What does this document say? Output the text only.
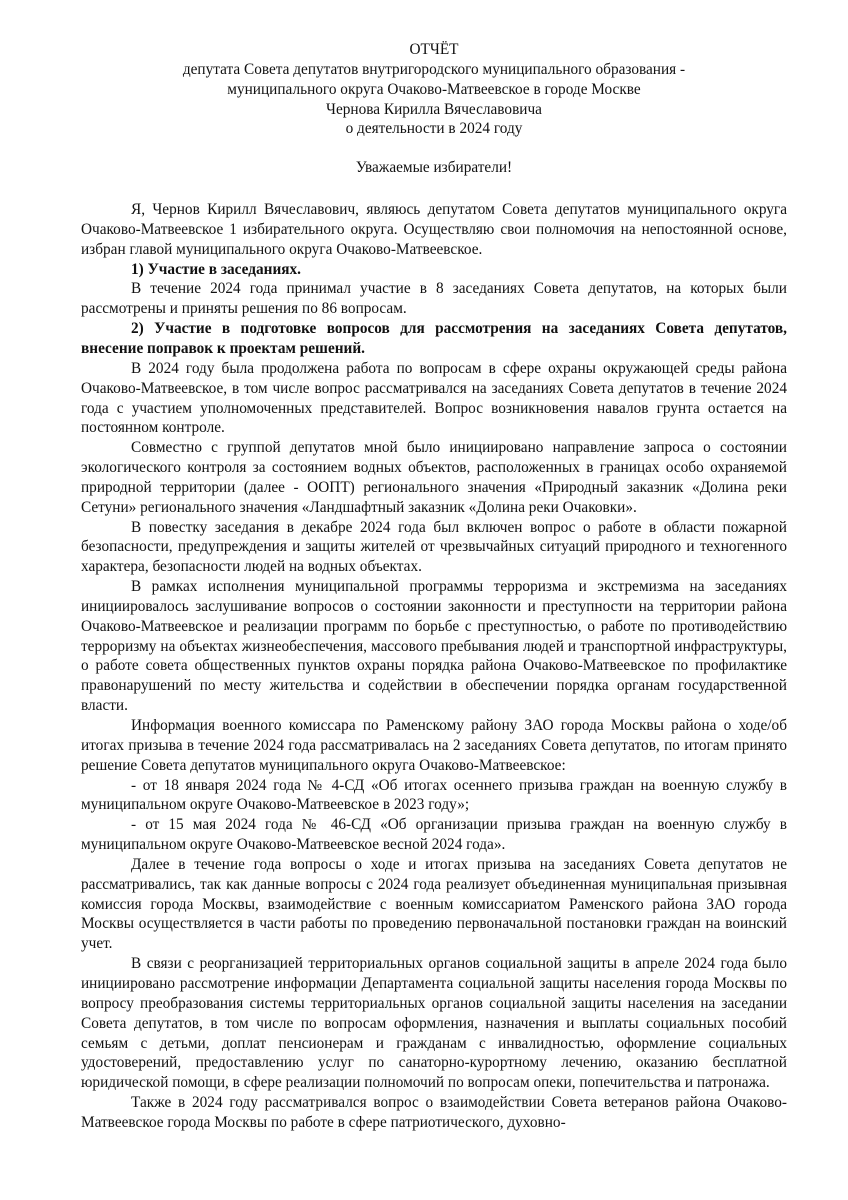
ОТЧЁТ
депутата Совета депутатов внутригородского муниципального образования -
муниципального округа Очаково-Матвеевское в городе Москве
Чернова Кирилла Вячеславовича
о деятельности в 2024 году
Уважаемые избиратели!

Я, Чернов Кирилл Вячеславович, являюсь депутатом Совета депутатов муниципального округа Очаково-Матвеевское 1 избирательного округа. Осуществляю свои полномочия на непостоянной основе, избран главой муниципального округа Очаково-Матвеевское.

1) Участие в заседаниях.

В течение 2024 года принимал участие в 8 заседаниях Совета депутатов, на которых были рассмотрены и приняты решения по 86 вопросам.

2) Участие в подготовке вопросов для рассмотрения на заседаниях Совета депутатов, внесение поправок к проектам решений.

В 2024 году была продолжена работа по вопросам в сфере охраны окружающей среды района Очаково-Матвеевское, в том числе вопрос рассматривался на заседаниях Совета депутатов в течение 2024 года с участием уполномоченных представителей. Вопрос возникновения навалов грунта остается на постоянном контроле.

Совместно с группой депутатов мной было инициировано направление запроса о состоянии экологического контроля за состоянием водных объектов, расположенных в границах особо охраняемой природной территории (далее - ООПТ) регионального значения «Природный заказник «Долина реки Сетуни» регионального значения «Ландшафтный заказник «Долина реки Очаковки».

В повестку заседания в декабре 2024 года был включен вопрос о работе в области пожарной безопасности, предупреждения и защиты жителей от чрезвычайных ситуаций природного и техногенного характера, безопасности людей на водных объектах.

В рамках исполнения муниципальной программы терроризма и экстремизма на заседаниях инициировалось заслушивание вопросов о состоянии законности и преступности на территории района Очаково-Матвеевское и реализации программ по борьбе с преступностью, о работе по противодействию терроризму на объектах жизнеобеспечения, массового пребывания людей и транспортной инфраструктуры, о работе совета общественных пунктов охраны порядка района Очаково-Матвеевское по профилактике правонарушений по месту жительства и содействии в обеспечении порядка органам государственной власти.

Информация военного комиссара по Раменскому району ЗАО города Москвы района о ходе/об итогах призыва в течение 2024 года рассматривалась на 2 заседаниях Совета депутатов, по итогам принято решение Совета депутатов муниципального округа Очаково-Матвеевское:

- от 18 января 2024 года № 4-СД «Об итогах осеннего призыва граждан на военную службу в муниципальном округе Очаково-Матвеевское в 2023 году»;

- от 15 мая 2024 года № 46-СД «Об организации призыва граждан на военную службу в муниципальном округе Очаково-Матвеевское весной 2024 года».

Далее в течение года вопросы о ходе и итогах призыва на заседаниях Совета депутатов не рассматривались, так как данные вопросы с 2024 года реализует объединенная муниципальная призывная комиссия города Москвы, взаимодействие с военным комиссариатом Раменского района ЗАО города Москвы осуществляется в части работы по проведению первоначальной постановки граждан на воинский учет.

В связи с реорганизацией территориальных органов социальной защиты в апреле 2024 года было инициировано рассмотрение информации Департамента социальной защиты населения города Москвы по вопросу преобразования системы территориальных органов социальной защиты населения на заседании Совета депутатов, в том числе по вопросам оформления, назначения и выплаты социальных пособий семьям с детьми, доплат пенсионерам и гражданам с инвалидностью, оформление социальных удостоверений, предоставлению услуг по санаторно-курортному лечению, оказанию бесплатной юридической помощи, в сфере реализации полномочий по вопросам опеки, попечительства и патронажа.

Также в 2024 году рассматривался вопрос о взаимодействии Совета ветеранов района Очаково-Матвеевское города Москвы по работе в сфере патриотического, духовно-
